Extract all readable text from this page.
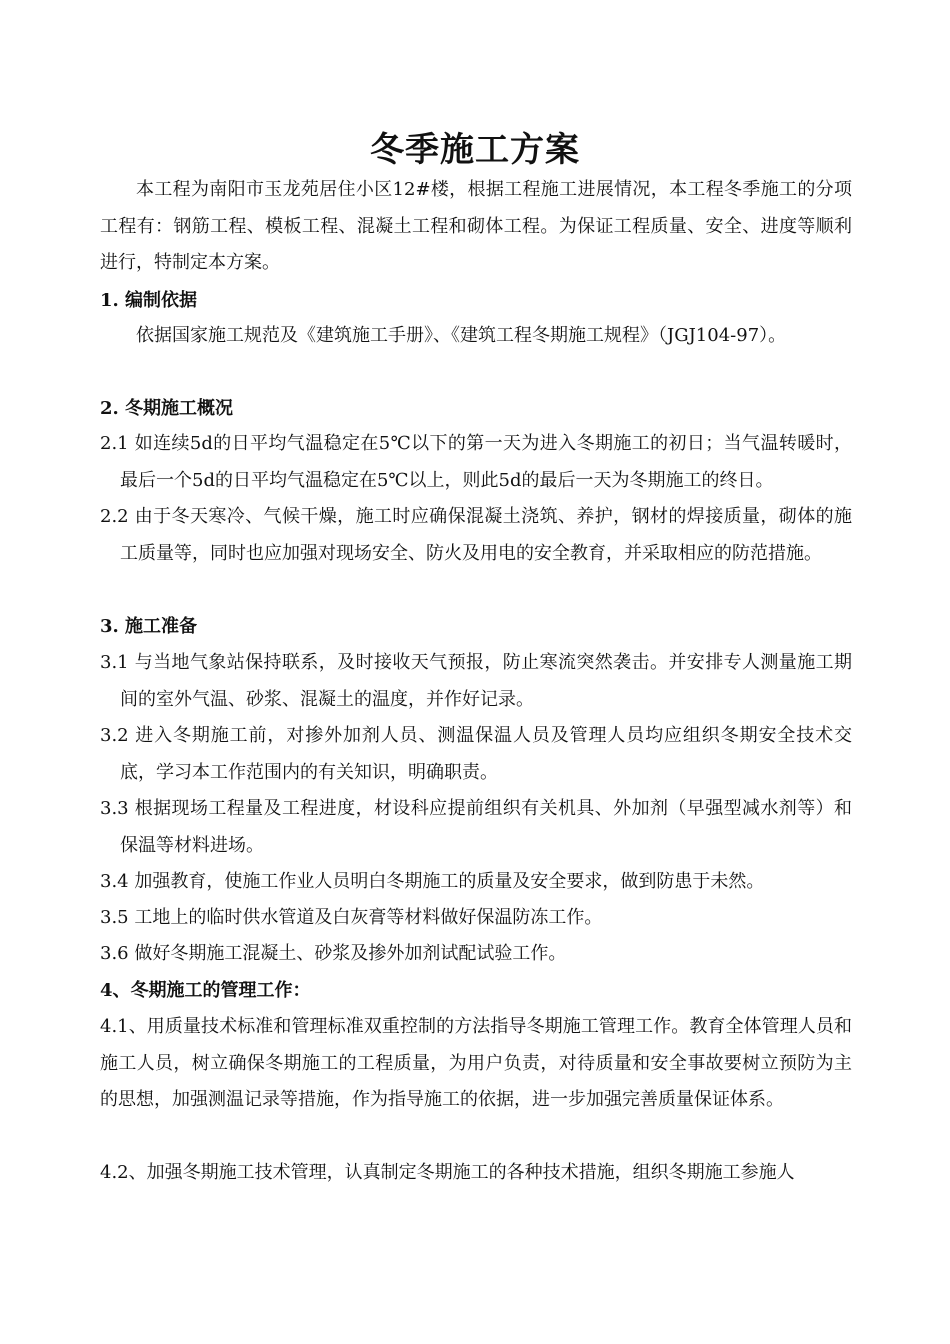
冬季施工方案
本工程为南阳市玉龙苑居住小区12#楼，根据工程施工进展情况，本工程冬季施工的分项工程有：钢筋工程、模板工程、混凝土工程和砌体工程。为保证工程质量、安全、进度等顺利进行，特制定本方案。
1. 编制依据
依据国家施工规范及《建筑施工手册》、《建筑工程冬期施工规程》（JGJ104-97）。
2. 冬期施工概况
2.1 如连续5d的日平均气温稳定在5℃以下的第一天为进入冬期施工的初日；当气温转暖时，最后一个5d的日平均气温稳定在5℃以上，则此5d的最后一天为冬期施工的终日。
2.2 由于冬天寒冷、气候干燥，施工时应确保混凝土浇筑、养护，钢材的焊接质量，砌体的施工质量等，同时也应加强对现场安全、防火及用电的安全教育，并采取相应的防范措施。
3. 施工准备
3.1 与当地气象站保持联系，及时接收天气预报，防止寒流突然袭击。并安排专人测量施工期间的室外气温、砂浆、混凝土的温度，并作好记录。
3.2 进入冬期施工前，对掺外加剂人员、测温保温人员及管理人员均应组织冬期安全技术交底，学习本工作范围内的有关知识，明确职责。
3.3 根据现场工程量及工程进度，材设科应提前组织有关机具、外加剂（早强型减水剂等）和保温等材料进场。
3.4 加强教育，使施工作业人员明白冬期施工的质量及安全要求，做到防患于未然。
3.5 工地上的临时供水管道及白灰膏等材料做好保温防冻工作。
3.6 做好冬期施工混凝土、砂浆及掺外加剂试配试验工作。
4、冬期施工的管理工作：
4.1、用质量技术标准和管理标准双重控制的方法指导冬期施工管理工作。教育全体管理人员和施工人员，树立确保冬期施工的工程质量，为用户负责，对待质量和安全事故要树立预防为主的思想，加强测温记录等措施，作为指导施工的依据，进一步加强完善质量保证体系。
4.2、加强冬期施工技术管理，认真制定冬期施工的各种技术措施，组织冬期施工参施人
